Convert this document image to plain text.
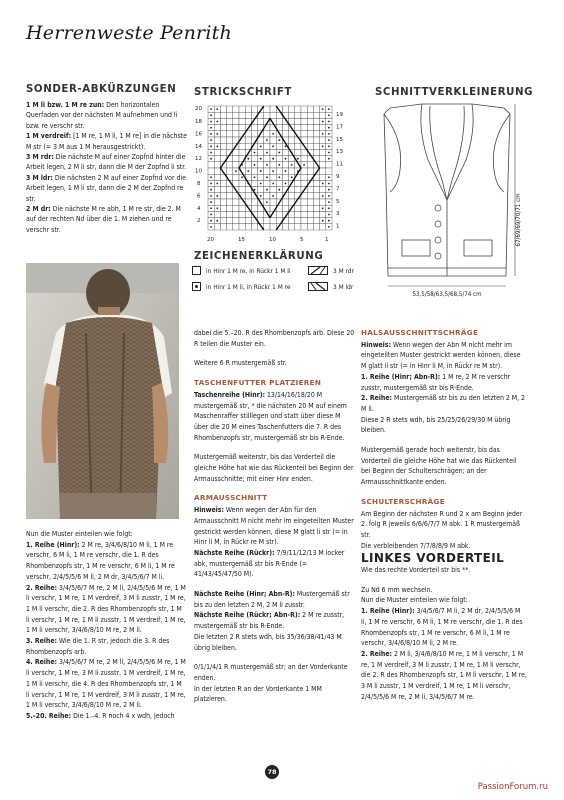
Herrenweste Penrith
SONDER-ABKÜRZUNGEN STRICKSCHRIFT	SCHNITTVERKLEINERUNG
ZEICHENERKLÄRUNG
1 M li bzw. 1 M re zun: Den horizontalen Querfaden vor der nächsten M aufnehmen und li bzw. re verschr str.
1 M verdreif: [1 M re, 1 M li, 1 M re] in die nächste M str (= 3 M aus 1 M herausgestrickt).
3 M rdr: Die nächste M auf einer Zopfnd hinter die Arbeit legen, 2 M li str, dann die M der Zopfnd li str.
3 M ldr: Die nächsten 2 M auf einer Zopfnd vor die Arbeit legen, 1 M li str, dann die 2 M der Zopfnd re str.
2 M dr: Die nächste M re abh, 1 M re str, die 2. M auf der rechten Nd über die 1. M ziehen und re verschr str.
20
18
16
14
12
10
8
6
4
2
19
17
15
13
11
9
7
5
3
1
20	15	10	5	1	67/69/69/70/71 cm
53,5/58/63,5/68,5/74 cm
in Hinr 1 M re, in Rückr 1 M li
in Hinr 1 M li, in Rückr 1 M re
3 M rdr
3 M ldr

Nun die Muster einteilen wie folgt:

1. Reihe (Hinr): 2 M re, 3/4/6/8/10 M li, 1 M re verschr, 6 M li, 1 M re verschr, die 1. R des Rhombenzopfs str, 1 M re verschr, 6 M li, 1 M re verschr, 2/4/5/5/6 M li, 2 M dr, 3/4/5/6/7 M li.

2. Reihe: 3/4/5/6/7 M re, 2 M li, 2/4/5/5/6 M re, 1 M li verschr, 1 M re, 1 M verdreif, 3 M li zusstr, 1 M re, 1 M li verschr, die 2. R des Rhombenzopfs str, 1 M li verschr, 1 M re, 1 M li zusstr, 1 M verdreif, 1 M re, 1 M li verschr, 3/4/6/8/10 M re, 2 M li.

3. Reihe: Wie die 1. R str, jedoch die 3. R des Rhombenzopfs arb.

4. Reihe: 3/4/5/6/7 M re, 2 M li, 2/4/5/5/6 M re, 1 M li verschr, 1 M re, 3 M li zusstr, 1 M verdreif, 1 M re, 1 M li verschr, die 4. R des Rhombenzopfs str, 1 M li verschr, 1 M re, 1 M verdreif, 3 M li zusstr, 1 M re, 1 M li verschr, 3/4/6/8/10 M re, 2 M li.

5.–20. Reihe: Die 1.–4. R noch 4 x wdh, jedoch

dabei die 5.–20. R des Rhombenzopfs arb. Diese 20 R teilen die Muster ein.

Weitere 6 R mustergemäß str.

TASCHENFUTTER PLATZIEREN

Taschenreihe (Hinr): 13/14/16/18/20 M mustergemäß str, * die nächsten 20 M auf einem Maschenraffer stilllegen und statt über diese M über die 20 M eines Taschenfutters die 7. R des Rhombenzopfs str, mustergemäß str bis R-Ende.

Mustergemäß weiterstr, bis das Vorderteil die gleiche Höhe hat wie das Rückenteil bei Beginn der Armausschnitte; mit einer Hinr enden.

ARMAUSSCHNITT

Hinweis: Wenn wegen der Abn für den Armausschnitt M nicht mehr im eingeteilten Muster gestrickt werden können, diese M glatt li str (= in Hinr li M, in Rückr re M str).

Nächste Reihe (Rückr): 7/9/11/12/13 M locker abk, mustergemäß str bis R-Ende (= 41/43/45/47/50 M).

Nächste Reihe (Hinr; Abn-R): Mustergemäß str bis zu den letzten 2 M, 2 M li zusstr.

Nächste Reihe (Rückr; Abn-R): 2 M re zusstr, mustergemäß str bis R-Ende.

Die letzten 2 R stets wdh, bis 35/36/38/41/43 M übrig bleiben.

0/1/1/4/1 R mustergemäß str; an der Vorderkante enden.

In der letzten R an der Vorderkante 1 MM platzieren.

HALSAUSSCHNITTSCHRÄGE

Hinweis: Wenn wegen der Abn M nicht mehr im eingeteilten Muster gestrickt werden können, diese M glatt li str (= in Hinr li M, in Rückr re M str).

1. Reihe (Hinr; Abn-R): 1 M re, 2 M re verschr zusstr, mustergemäß str bis R-Ende.

2. Reihe: Mustergemäß str bis zu den letzten 2 M, 2 M li.

Diese 2 R stets wdh, bis 25/25/26/29/30 M übrig bleiben.

Mustergemäß gerade hoch weiterstr, bis das Vorderteil die gleiche Höhe hat wie das Rückenteil bei Beginn der Schulterschrägen; an der Armausschnittkante enden.

SCHULTERSCHRÄGE

Am Beginn der nächsten R und 2 x am Beginn jeder 2. folg R jeweils 6/6/6/7/7 M abk. 1 R mustergemäß str.

Die verbleibenden 7/7/8/8/9 M abk.

LINKES VORDERTEIL

Wie das rechte Vorderteil str bis **.

Zu Nd 6 mm wechseln.

Nun die Muster einteilen wie folgt:

1. Reihe (Hinr): 3/4/5/6/7 M li, 2 M dr, 2/4/5/5/6 M li, 1 M re verschr, 6 M li, 1 M re verschr, die 1. R des Rhombenzopfs str, 1 M re verschr, 6 M li, 1 M re verschr, 3/4/6/8/10 M li, 2 M re.

2. Reihe: 2 M li, 3/4/6/8/10 M re, 1 M li verschr, 1 M re, 1 M verdreif, 3 M li zusstr, 1 M re, 1 M li verschr, die 2. R des Rhombenzopfs str, 1 M li verschr, 1 M re, 3 M li zusstr, 1 M verdreif, 1 M re, 1 M li verschr, 2/4/5/5/6 M re, 2 M li, 3/4/5/6/7 M re.

78
PassionForum.ru
